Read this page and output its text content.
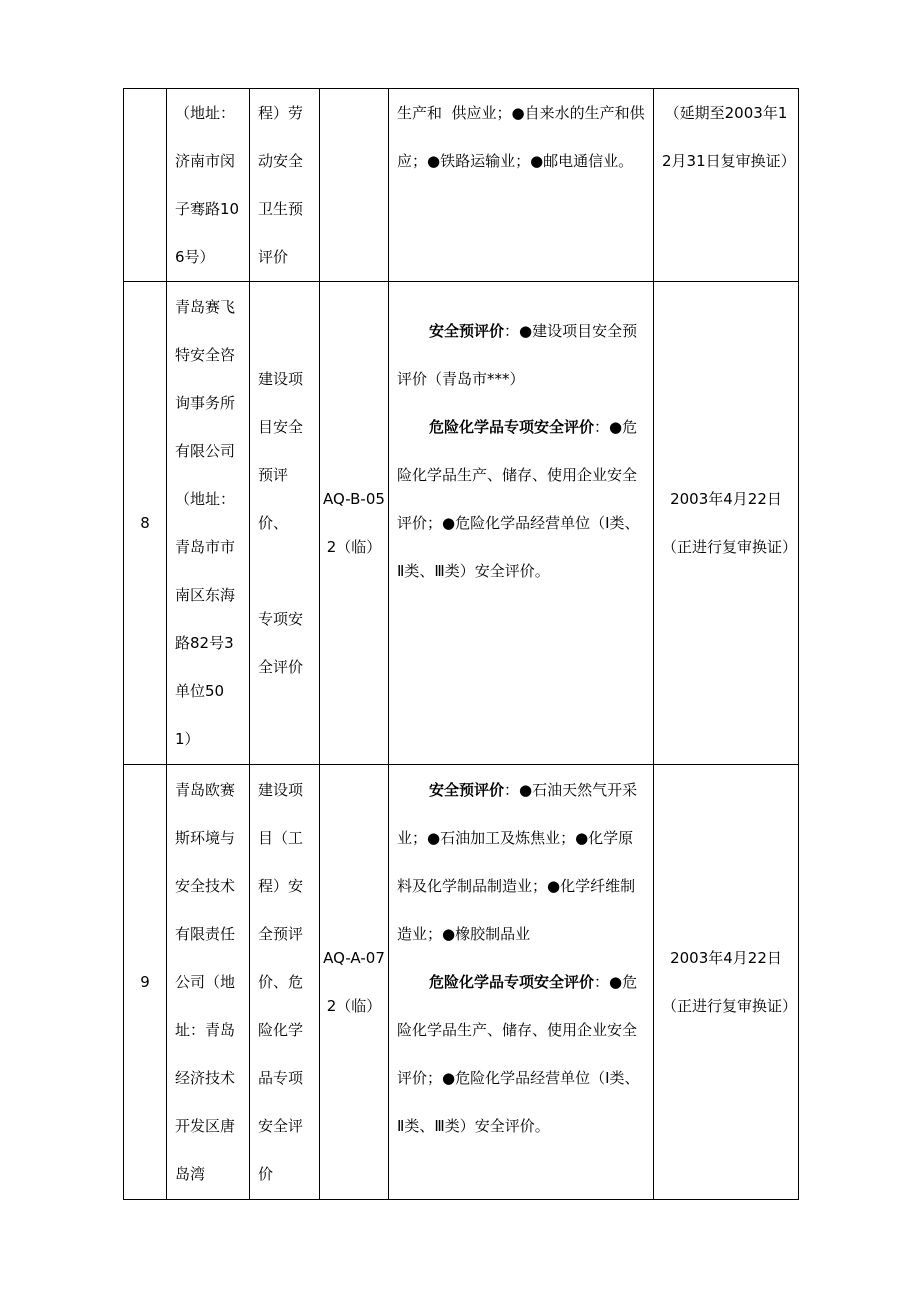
	（地址：济南市闵子骞路106号）	程）劳动安全卫生预评价		生产和  供应业；●自来水的生产和供应；●铁路运输业；●邮电通信业。	（延期至2003年12月31日复审换证）

8	青岛赛飞特安全咨询事务所有限公司（地址：青岛市市南区东海路82号3单位501）	建设项目安全预评价、
专项安全评价	AQ-B-052（临）	安全预评价：●建设项目安全预评价（青岛市***）
危险化学品专项安全评价：●危险化学品生产、储存、使用企业安全评价；●危险化学品经营单位（Ⅰ类、Ⅱ类、Ⅲ类）安全评价。	2003年4月22日
（正进行复审换证）

9	青岛欧赛斯环境与安全技术有限责任公司（地址：青岛经济技术开发区唐岛湾	建设项目（工程）安全预评价、危险化学品专项安全评价	AQ-A-072（临）	安全预评价：●石油天然气开采业；●石油加工及炼焦业；●化学原料及化学制品制造业；●化学纤维制造业；●橡胶制品业
危险化学品专项安全评价：●危险化学品生产、储存、使用企业安全评价；●危险化学品经营单位（Ⅰ类、Ⅱ类、Ⅲ类）安全评价。	2003年4月22日
（正进行复审换证）
